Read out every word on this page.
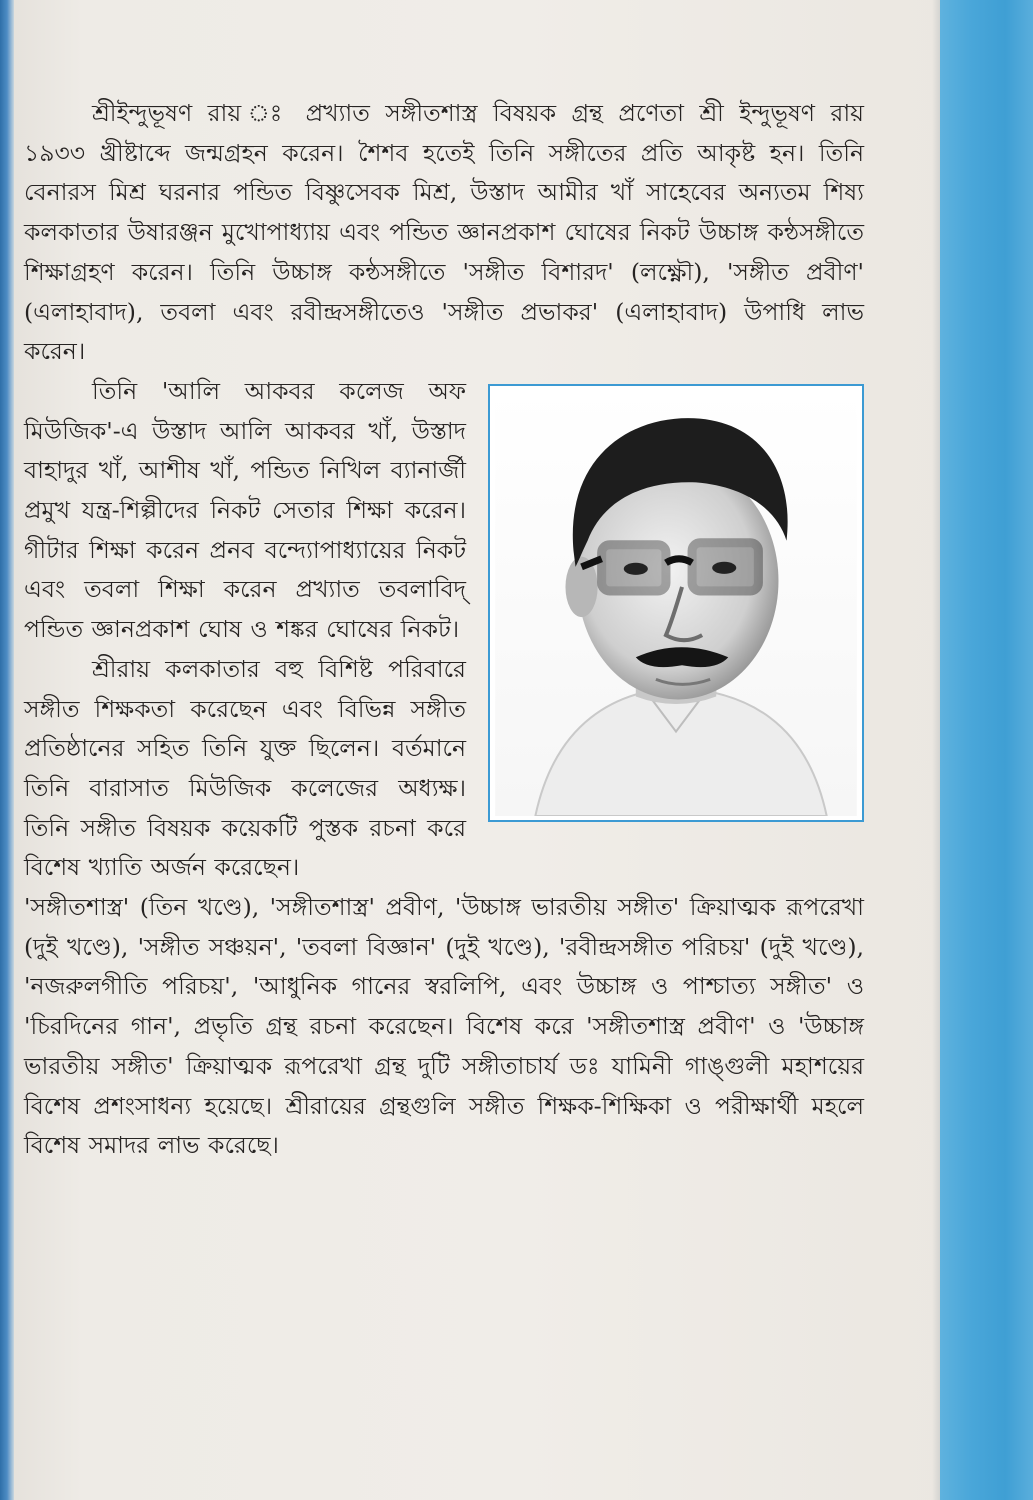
শ্রীইন্দুভূষণ রায় ঃ প্রখ্যাত সঙ্গীতশাস্ত্র বিষয়ক গ্রন্থ প্রণেতা শ্রী ইন্দুভূষণ রায় ১৯৩৩ খ্রীষ্টাব্দে জন্মগ্রহন করেন। শৈশব হতেই তিনি সঙ্গীতের প্রতি আকৃষ্ট হন। তিনি বেনারস মিশ্র ঘরনার পন্ডিত বিষ্ণুসেবক মিশ্র, উস্তাদ আমীর খাঁ সাহেবের অন্যতম শিষ্য কলকাতার উষারঞ্জন মুখোপাধ্যায় এবং পন্ডিত জ্ঞানপ্রকাশ ঘোষের নিকট উচ্চাঙ্গ কন্ঠসঙ্গীতে শিক্ষাগ্রহণ করেন। তিনি উচ্চাঙ্গ কন্ঠসঙ্গীতে 'সঙ্গীত বিশারদ' (লক্ষ্ণৌ), 'সঙ্গীত প্রবীণ' (এলাহাবাদ), তবলা এবং রবীন্দ্রসঙ্গীতেও 'সঙ্গীত প্রভাকর' (এলাহাবাদ) উপাধি লাভ করেন।

তিনি 'আলি আকবর কলেজ অফ মিউজিক'-এ উস্তাদ আলি আকবর খাঁ, উস্তাদ বাহাদুর খাঁ, আশীষ খাঁ, পন্ডিত নিখিল ব্যানার্জী প্রমুখ যন্ত্র-শিল্পীদের নিকট সেতার শিক্ষা করেন। গীটার শিক্ষা করেন প্রনব বন্দ্যোপাধ্যায়ের নিকট এবং তবলা শিক্ষা করেন প্রখ্যাত তবলাবিদ্ পন্ডিত জ্ঞানপ্রকাশ ঘোষ ও শঙ্কর ঘোষের নিকট।

শ্রীরায় কলকাতার বহু বিশিষ্ট পরিবারে সঙ্গীত শিক্ষকতা করেছেন এবং বিভিন্ন সঙ্গীত প্রতিষ্ঠানের সহিত তিনি যুক্ত ছিলেন। বর্তমানে তিনি বারাসাত মিউজিক কলেজের অধ্যক্ষ। তিনি সঙ্গীত বিষয়ক কয়েকটি পুস্তক রচনা করে বিশেষ খ্যাতি অর্জন করেছেন।

'সঙ্গীতশাস্ত্র' (তিন খণ্ডে), 'সঙ্গীতশাস্ত্র' প্রবীণ, 'উচ্চাঙ্গ ভারতীয় সঙ্গীত' ক্রিয়াত্মক রূপরেখা (দুই খণ্ডে), 'সঙ্গীত সঞ্চয়ন', 'তবলা বিজ্ঞান' (দুই খণ্ডে), 'রবীন্দ্রসঙ্গীত পরিচয়' (দুই খণ্ডে), 'নজরুলগীতি পরিচয়', 'আধুনিক গানের স্বরলিপি, এবং উচ্চাঙ্গ ও পাশ্চাত্য সঙ্গীত' ও 'চিরদিনের গান', প্রভৃতি গ্রন্থ রচনা করেছেন। বিশেষ করে 'সঙ্গীতশাস্ত্র প্রবীণ' ও 'উচ্চাঙ্গ ভারতীয় সঙ্গীত' ক্রিয়াত্মক রূপরেখা গ্রন্থ দুটি সঙ্গীতাচার্য ডঃ যামিনী গাঙ্গুলী মহাশয়ের বিশেষ প্রশংসাধন্য হয়েছে। শ্রীরায়ের গ্রন্থগুলি সঙ্গীত শিক্ষক-শিক্ষিকা ও পরীক্ষার্থী মহলে বিশেষ সমাদর লাভ করেছে।
